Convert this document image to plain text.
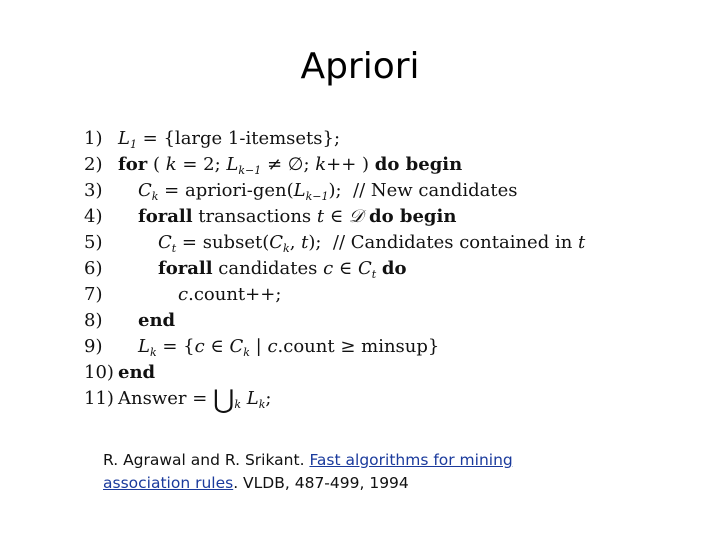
Apriori
1) $L_1$ = {large 1-itemsets};
2) for ( k = 2; $L_{k-1}$ ≠ ∅; k++ ) do begin
3)	$C_k$ = apriori-$gen(L_{k-1})$;  // New candidates
4)	forall transactions t ∈ 𝒟 do begin
5)	$C_t$ = $subset(C_k$, t);  // Candidates contained in t
6)	forall candidates c ∈ $C_t$ do
7)	c.count++;
8)	end
9)	$L_k = \{c$ ∈ $C_k$ | c.count ≥ minsup}
10) end
11) Answer = $⋃_k$ $L_k$;
R. Agrawal and R. Srikant. Fast algorithms for mining association rules. VLDB, 487-499, 1994
